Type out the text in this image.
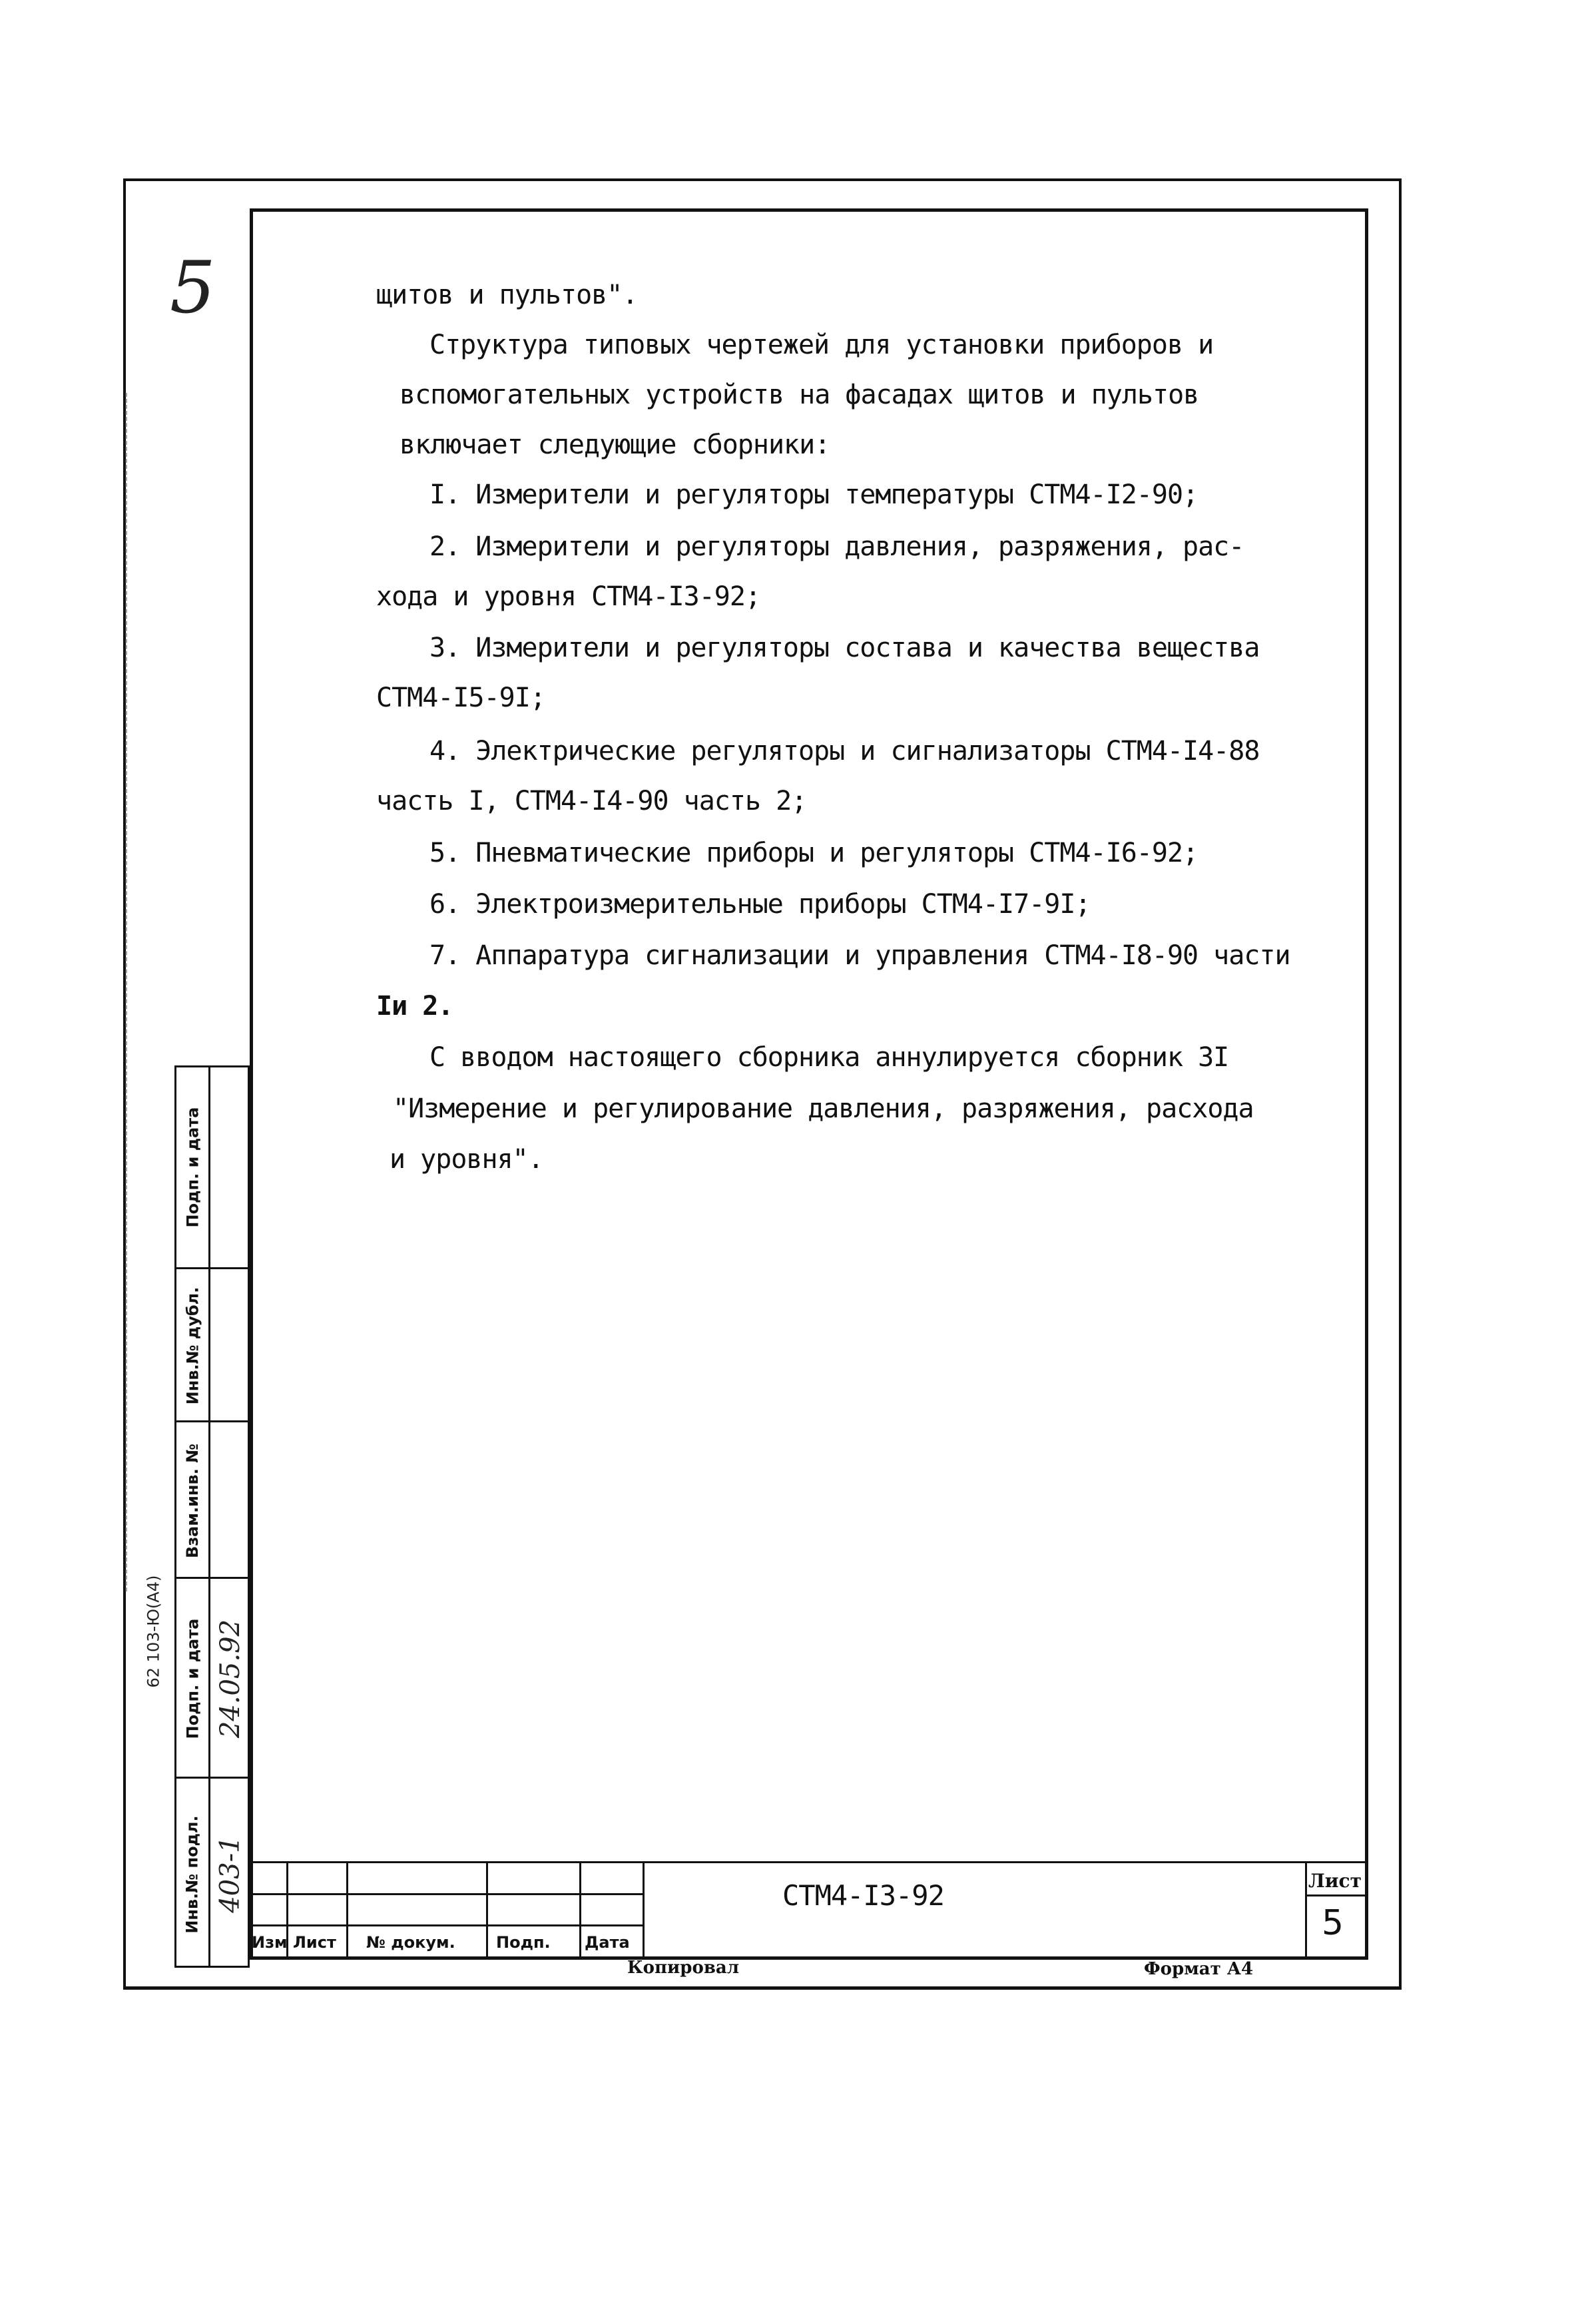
5	щитов и пультов".
Структура типовых чертежей для установки приборов и
вспомогательных устройств на фасадах щитов и пультов
включает следующие сборники:
I. Измерители и регуляторы температуры СТМ4-I2-90;
2. Измерители и регуляторы давления, разряжения, рас-
хода и уровня СТМ4-I3-92;
3. Измерители и регуляторы состава и качества вещества
СТМ4-I5-9I;
4. Электрические регуляторы и сигнализаторы СТМ4-I4-88
часть I, СТМ4-I4-90 часть 2;
5. Пневматические приборы и регуляторы СТМ4-I6-92;
6. Электроизмерительные приборы СТМ4-I7-9I;
7. Аппаратура сигнализации и управления СТМ4-I8-90 части
Iи 2.
С вводом настоящего сборника аннулируется сборник 3I
"Измерение и регулирование давления, разряжения, расхода
и уровня".
62 103-Ю(А4)
Подп. и дата
Инв.№ дубл.
Взам.инв. №
Подп. и дата 24.05.92
Инв.№ подл. 403-1
Изм Лист № докум.	Подп. Дата
СТМ4-I3-92	Лист
5
Копировал	Формат А4
